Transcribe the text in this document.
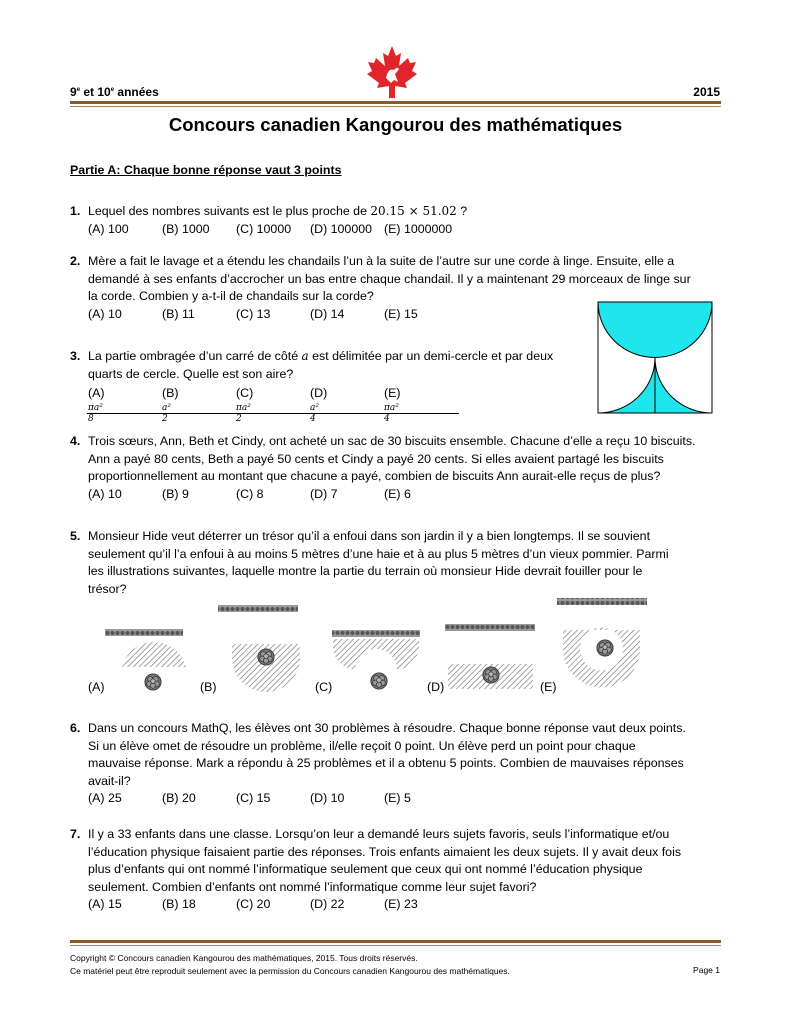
9e et 10e années	2015
Concours canadien Kangourou des mathématiques
Partie A: Chaque bonne réponse vaut 3 points
1. Lequel des nombres suivants est le plus proche de 20.15 × 51.02 ?
(A) 100	(B) 1000	(C) 10000	(D) 100000 (E) 1000000
2. Mère a fait le lavage et a étendu les chandails l’un à la suite de l’autre sur une corde à linge. Ensuite, elle a
demandé à ses enfants d’accrocher un bas entre chaque chandail. Il y a maintenant 29 morceaux de linge sur
la corde. Combien y a-t-il de chandails sur la corde?
(A) 10	(B) 11	(C) 13	(D) 14	(E) 15
3. La partie ombragée d’un carré de côté a est délimitée par un demi-cercle et par deux
quarts de cercle. Quelle est son aire?
(A)
$\frac{\text{πa²}}{8}$
(B)
$\frac{\text{a²}}{2}$
(C)
$\frac{\text{πa²}}{2}$
(D)
$\frac{\text{a²}}{4}$
(E)
$\frac{\text{πa²}}{4}$
4. Trois sœurs, Ann, Beth et Cindy, ont acheté un sac de 30 biscuits ensemble. Chacune d’elle a reçu 10 biscuits.
Ann a payé 80 cents, Beth a payé 50 cents et Cindy a payé 20 cents. Si elles avaient partagé les biscuits
proportionnellement au montant que chacune a payé, combien de biscuits Ann aurait-elle reçus de plus?
(A) 10	(B) 9	(C) 8	(D) 7	(E) 6
5. Monsieur Hide veut déterrer un trésor qu’il a enfoui dans son jardin il y a bien longtemps. Il se souvient
seulement qu’il l’a enfoui à au moins 5 mètres d’une haie et à au plus 5 mètres d’un vieux pommier. Parmi
les illustrations suivantes, laquelle montre la partie du terrain où monsieur Hide devrait fouiller pour le
trésor?
(A)	(B)	(C)	(D)	(E)
6. Dans un concours MathQ, les élèves ont 30 problèmes à résoudre. Chaque bonne réponse vaut deux points.
Si un élève omet de résoudre un problème, il/elle reçoit 0 point. Un élève perd un point pour chaque
mauvaise réponse. Mark a répondu à 25 problèmes et il a obtenu 5 points. Combien de mauvaises réponses
avait-il?
(A) 25	(B) 20	(C) 15	(D) 10	(E) 5
7. Il y a 33 enfants dans une classe. Lorsqu’on leur a demandé leurs sujets favoris, seuls l’informatique et/ou
l’éducation physique faisaient partie des réponses. Trois enfants aimaient les deux sujets. Il y avait deux fois
plus d’enfants qui ont nommé l’informatique seulement que ceux qui ont nommé l’éducation physique
seulement. Combien d’enfants ont nommé l’informatique comme leur sujet favori?
(A) 15	(B) 18	(C) 20	(D) 22	(E) 23
Copyright © Concours canadien Kangourou des mathématiques, 2015. Tous droits réservés.
Ce matériel peut être reproduit seulement avec la permission du Concours canadien Kangourou des mathématiques.	Page 1
